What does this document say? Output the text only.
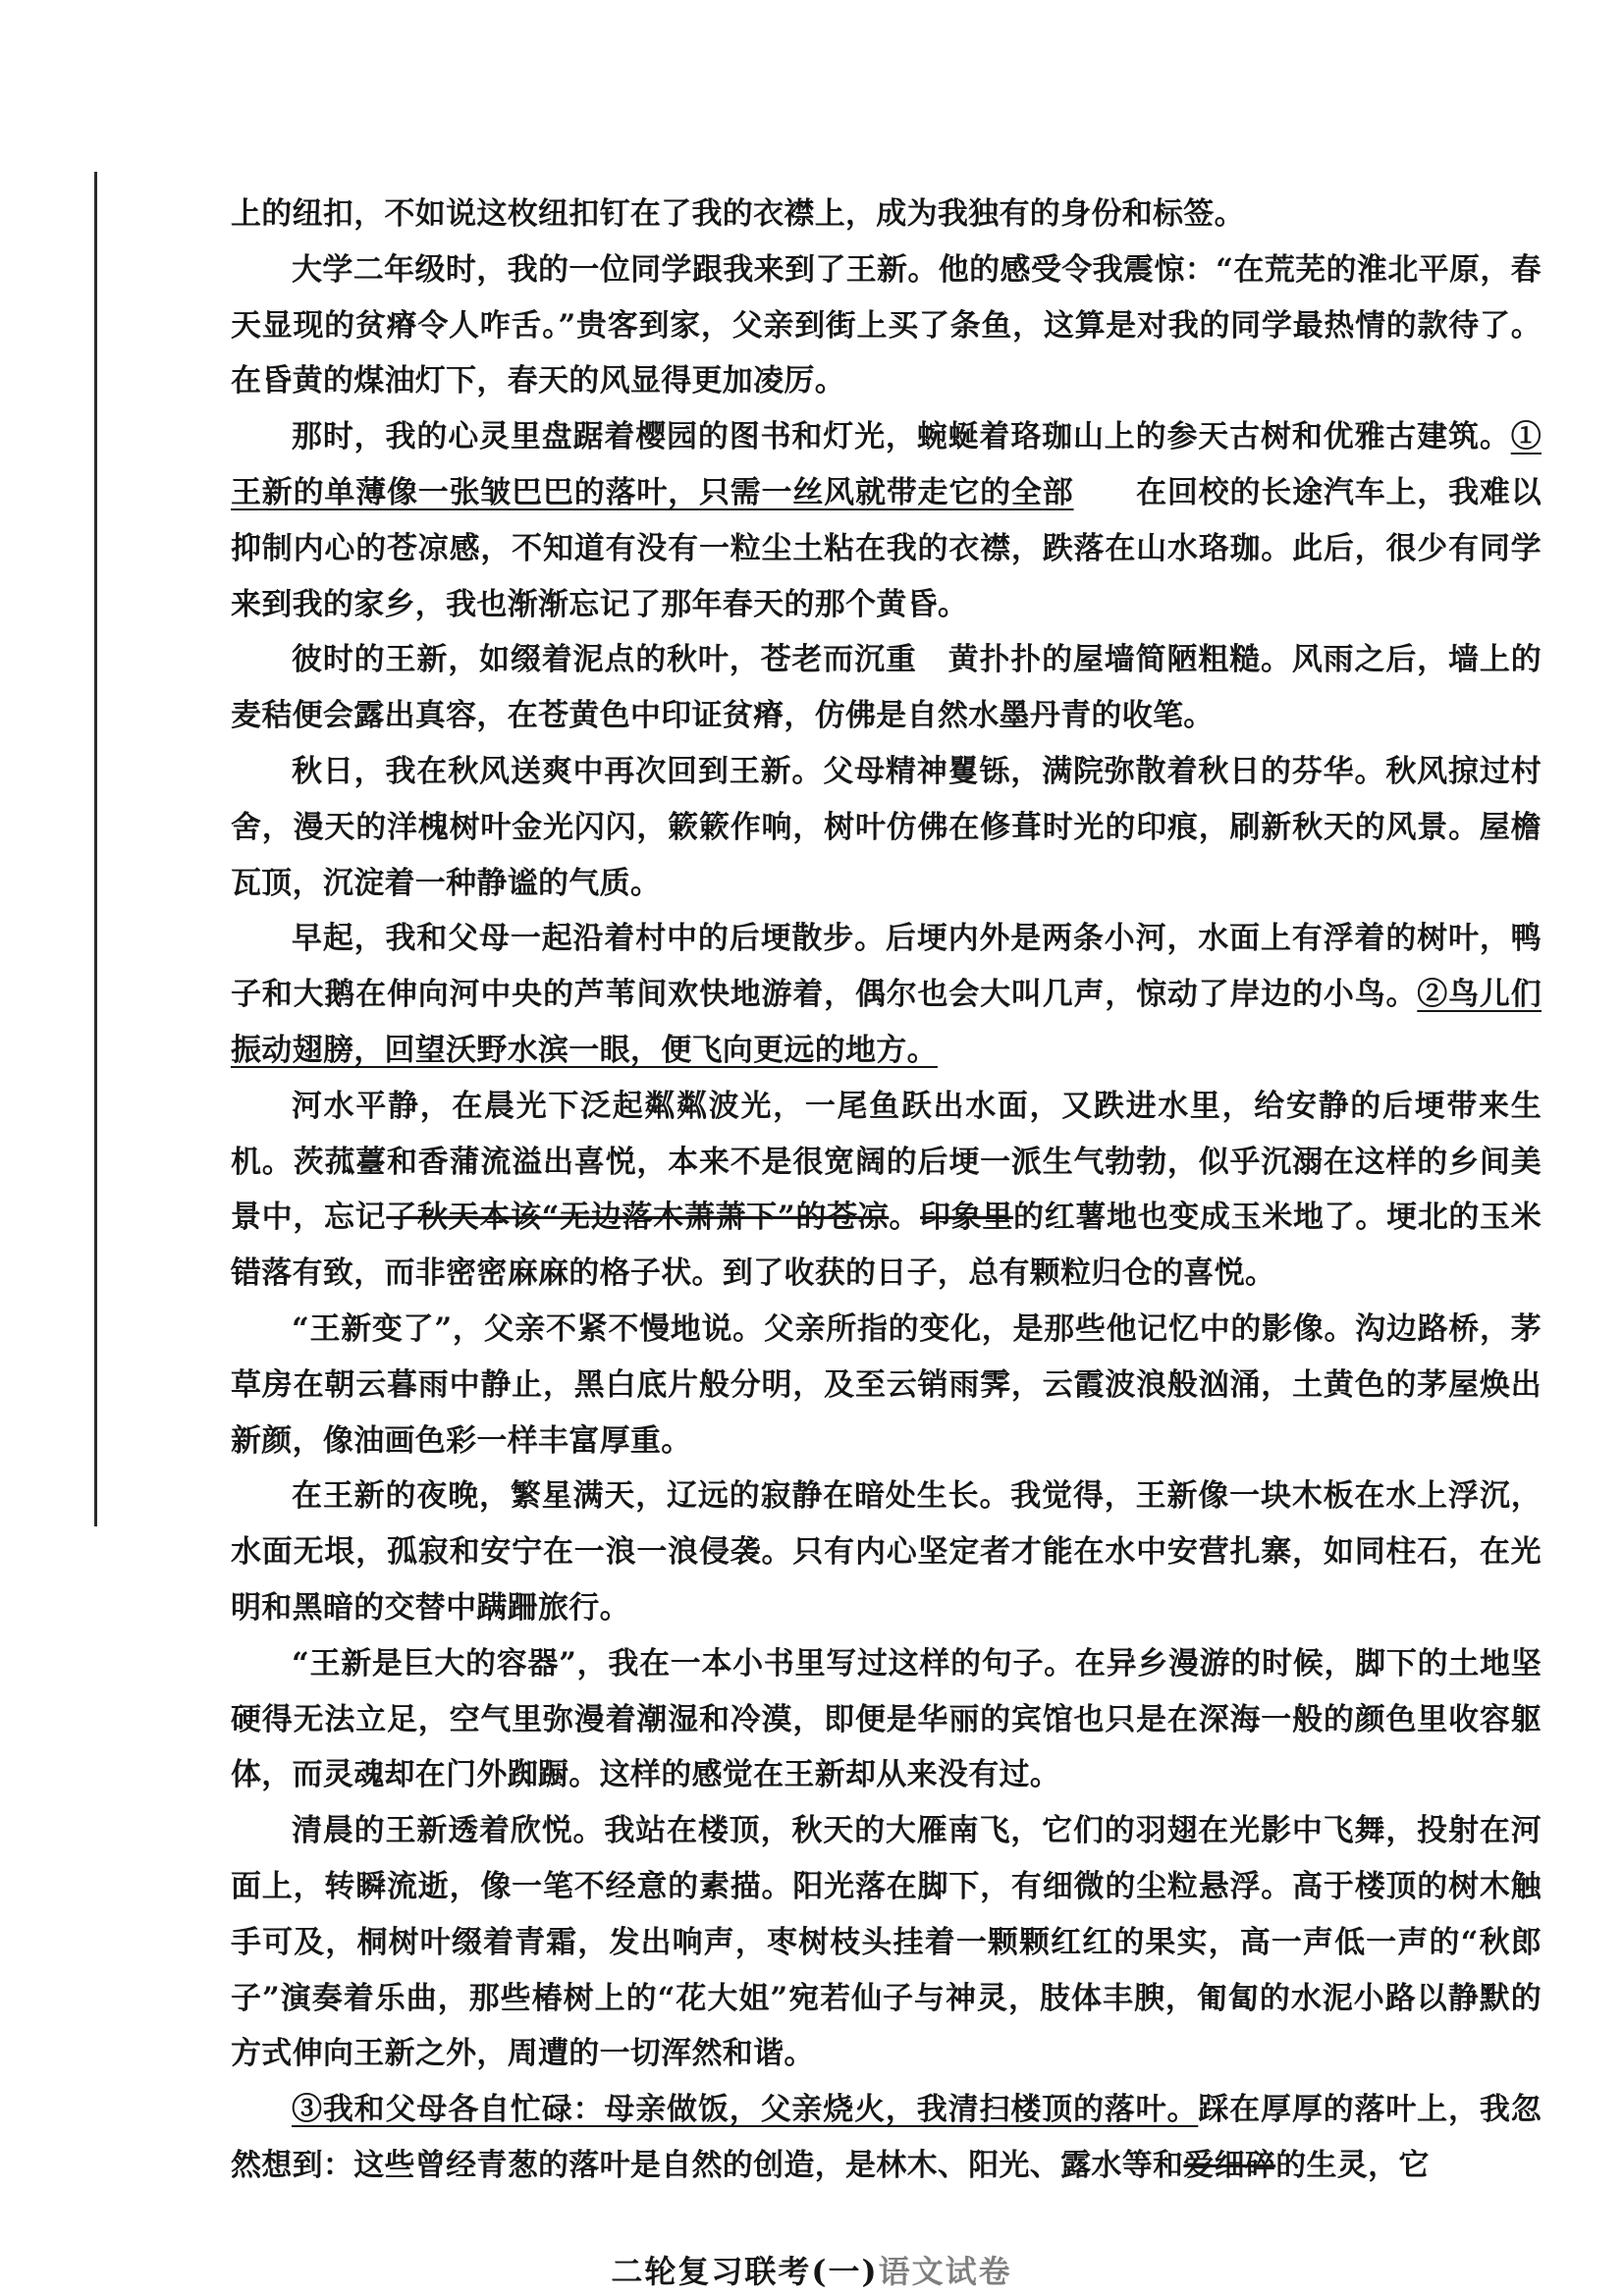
上的纽扣，不如说这枚纽扣钉在了我的衣襟上，成为我独有的身份和标签。

大学二年级时，我的一位同学跟我来到了王新。他的感受令我震惊：“在荒芜的淮北平原，春天显现的贫瘠令人咋舌。”贵客到家，父亲到街上买了条鱼，这算是对我的同学最热情的款待了。在昏黄的煤油灯下，春天的风显得更加凌厉。

那时，我的心灵里盘踞着樱园的图书和灯光，蜿蜒着珞珈山上的参天古树和优雅古建筑。①王新的单薄像一张皱巴巴的落叶，只需一丝风就带走它的全部　　在回校的长途汽车上，我难以抑制内心的苍凉感，不知道有没有一粒尘土粘在我的衣襟，跌落在山水珞珈。此后，很少有同学来到我的家乡，我也渐渐忘记了那年春天的那个黄昏。

彼时的王新，如缀着泥点的秋叶，苍老而沉重　黄扑扑的屋墙简陋粗糙。风雨之后，墙上的麦秸便会露出真容，在苍黄色中印证贫瘠，仿佛是自然水墨丹青的收笔。

秋日，我在秋风送爽中再次回到王新。父母精神矍铄，满院弥散着秋日的芬华。秋风掠过村舍，漫天的洋槐树叶金光闪闪，簌簌作响，树叶仿佛在修葺时光的印痕，刷新秋天的风景。屋檐瓦顶，沉淀着一种静谧的气质。

早起，我和父母一起沿着村中的后埂散步。后埂内外是两条小河，水面上有浮着的树叶，鸭子和大鹅在伸向河中央的芦苇间欢快地游着，偶尔也会大叫几声，惊动了岸边的小鸟。②鸟儿们振动翅膀，回望沃野水滨一眼，便飞向更远的地方。

河水平静，在晨光下泛起粼粼波光，一尾鱼跃出水面，又跌进水里，给安静的后埂带来生机。茨菰薹和香蒲流溢出喜悦，本来不是很宽阔的后埂一派生气勃勃，似乎沉溺在这样的乡间美景中，忘记了秋天本该“无边落木萧萧下”的苍凉。印象里的红薯地也变成玉米地了。埂北的玉米错落有致，而非密密麻麻的格子状。到了收获的日子，总有颗粒归仓的喜悦。

“王新变了”，父亲不紧不慢地说。父亲所指的变化，是那些他记忆中的影像。沟边路桥，茅草房在朝云暮雨中静止，黑白底片般分明，及至云销雨霁，云霞波浪般汹涌，土黄色的茅屋焕出新颜，像油画色彩一样丰富厚重。

在王新的夜晚，繁星满天，辽远的寂静在暗处生长。我觉得，王新像一块木板在水上浮沉，水面无垠，孤寂和安宁在一浪一浪侵袭。只有内心坚定者才能在水中安营扎寨，如同柱石，在光明和黑暗的交替中蹒跚旅行。

“王新是巨大的容器”，我在一本小书里写过这样的句子。在异乡漫游的时候，脚下的土地坚硬得无法立足，空气里弥漫着潮湿和冷漠，即便是华丽的宾馆也只是在深海一般的颜色里收容躯体，而灵魂却在门外踟蹰。这样的感觉在王新却从来没有过。

清晨的王新透着欣悦。我站在楼顶，秋天的大雁南飞，它们的羽翅在光影中飞舞，投射在河面上，转瞬流逝，像一笔不经意的素描。阳光落在脚下，有细微的尘粒悬浮。高于楼顶的树木触手可及，桐树叶缀着青霜，发出响声，枣树枝头挂着一颗颗红红的果实，高一声低一声的“秋郎子”演奏着乐曲，那些椿树上的“花大姐”宛若仙子与神灵，肢体丰腴，匍匐的水泥小路以静默的方式伸向王新之外，周遭的一切浑然和谐。

③我和父母各自忙碌：母亲做饭，父亲烧火，我清扫楼顶的落叶。踩在厚厚的落叶上，我忽然想到：这些曾经青葱的落叶是自然的创造，是林木、阳光、露水等和爱细碎的生灵，它

二轮复习联考(一)语文试卷
